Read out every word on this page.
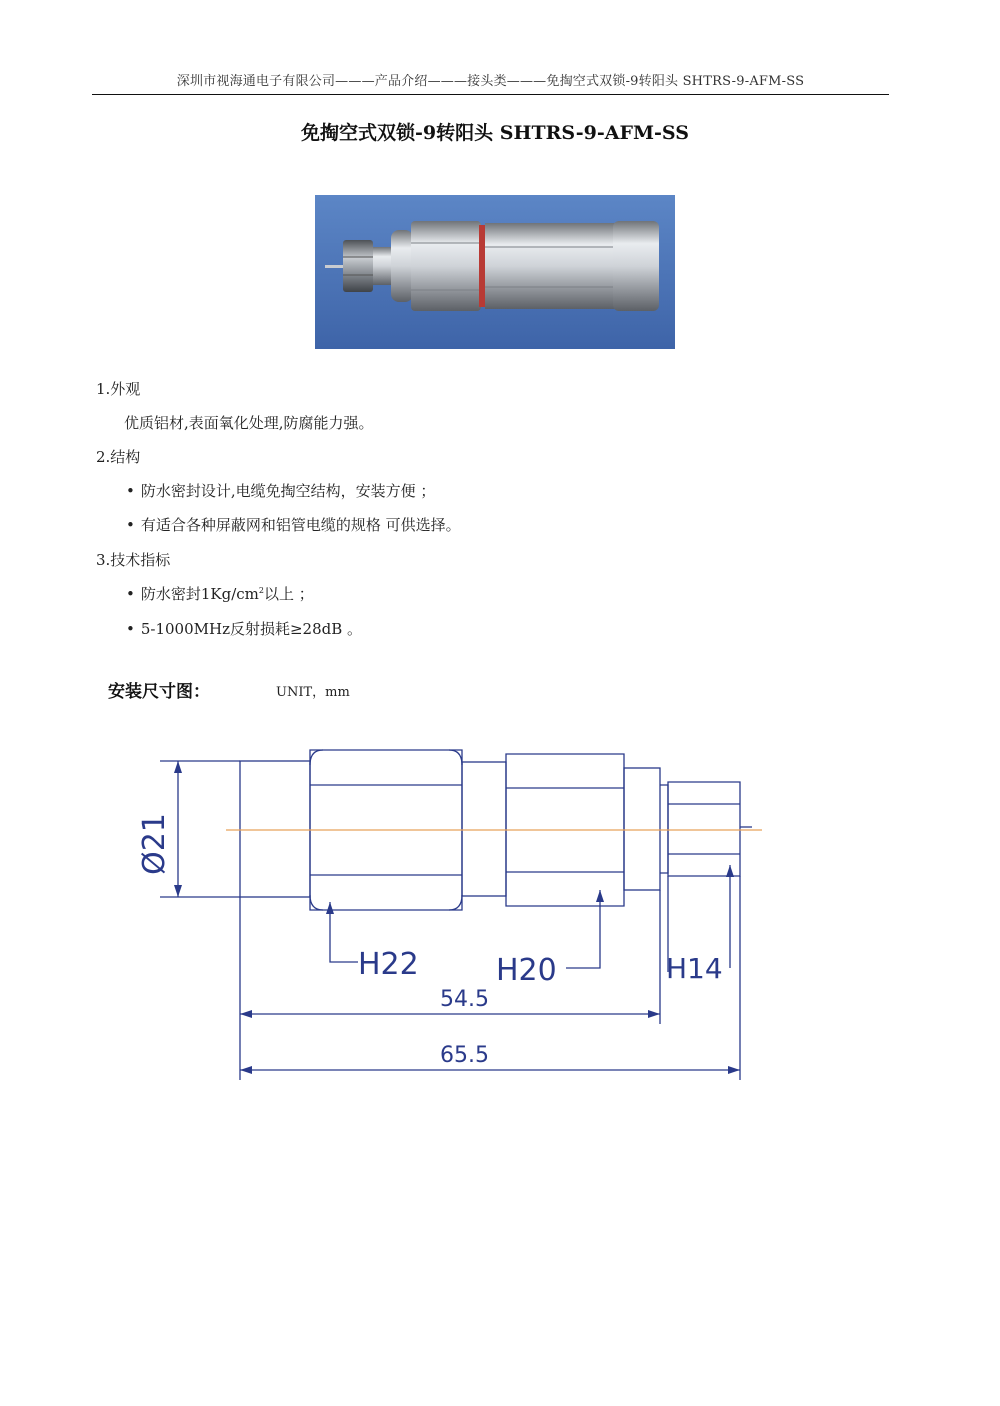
深圳市视海通电子有限公司———产品介绍———接头类———免掏空式双锁-9转阳头 SHTRS-9-AFM-SS
免掏空式双锁-9转阳头 SHTRS-9-AFM-SS
1.外观
优质铝材,表面氧化处理,防腐能力强。
2.结构
• 防水密封设计,电缆免掏空结构，安装方便 ；
• 有适合各种屏蔽网和铝管电缆的规格 可供选择。
3.技术指标
• 防水密封$1Kg/cm^2$以上 ；
• 5-1000MHz反射损耗≥28dB 。
安装尺寸图：	UNIT，mm
Ø21
H22	H20	H14
54.5
65.5
